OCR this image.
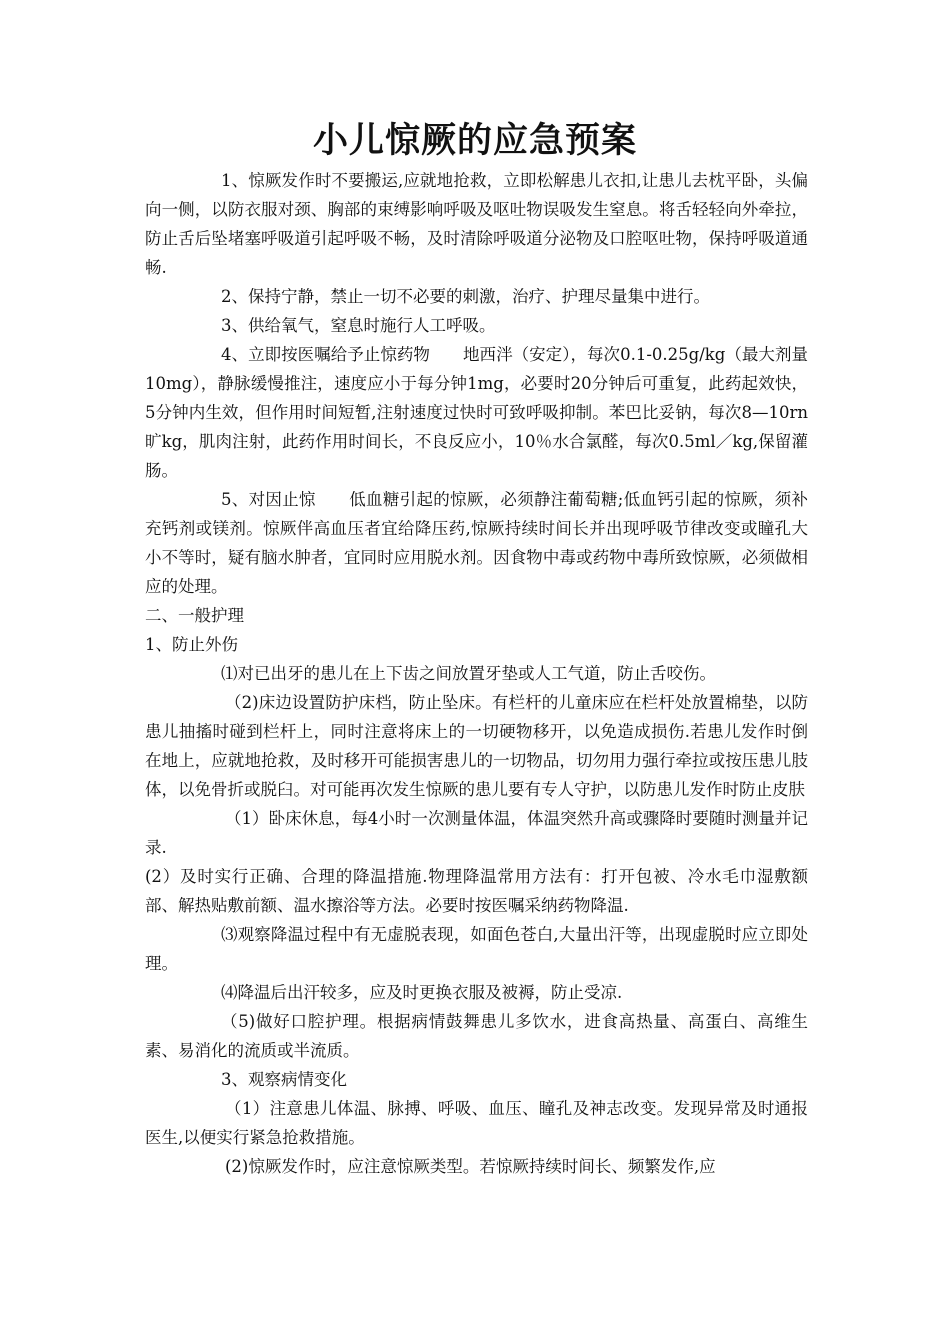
小儿惊厥的应急预案

1、惊厥发作时不要搬运,应就地抢救，立即松解患儿衣扣,让患儿去枕平卧，头偏向一侧，以防衣服对颈、胸部的束缚影响呼吸及呕吐物误吸发生窒息。将舌轻轻向外牵拉，防止舌后坠堵塞呼吸道引起呼吸不畅，及时清除呼吸道分泌物及口腔呕吐物，保持呼吸道通畅.

2、保持宁静，禁止一切不必要的刺激，治疗、护理尽量集中进行。

3、供给氧气，窒息时施行人工呼吸。

4、立即按医嘱给予止惊药物　　地西泮（安定），每次0.1-0.25g/kg（最大剂量10mg），静脉缓慢推注，速度应小于每分钟1mg，必要时20分钟后可重复，此药起效快，5分钟内生效，但作用时间短暂,注射速度过快时可致呼吸抑制。苯巴比妥钠，每次8—10rn旷kg，肌肉注射，此药作用时间长，不良反应小，10％水合氯醛，每次0.5ml／kg,保留灌肠。

5、对因止惊　　低血糖引起的惊厥，必须静注葡萄糖;低血钙引起的惊厥，须补充钙剂或镁剂。惊厥伴高血压者宜给降压药,惊厥持续时间长并出现呼吸节律改变或瞳孔大小不等时，疑有脑水肿者，宜同时应用脱水剂。因食物中毒或药物中毒所致惊厥，必须做相应的处理。

二、一般护理

1、防止外伤

⑴对已出牙的患儿在上下齿之间放置牙垫或人工气道，防止舌咬伤。

（2)床边设置防护床档，防止坠床。有栏杆的儿童床应在栏杆处放置棉垫，以防患儿抽搐时碰到栏杆上，同时注意将床上的一切硬物移开，以免造成损伤.若患儿发作时倒在地上，应就地抢救，及时移开可能损害患儿的一切物品，切勿用力强行牵拉或按压患儿肢体，以免骨折或脱臼。对可能再次发生惊厥的患儿要有专人守护，以防患儿发作时防止皮肤

（1）卧床休息，每4小时一次测量体温，体温突然升高或骤降时要随时测量并记录.

(2）及时实行正确、合理的降温措施.物理降温常用方法有：打开包被、冷水毛巾湿敷额部、解热贴敷前额、温水擦浴等方法。必要时按医嘱采纳药物降温.

⑶观察降温过程中有无虚脱表现，如面色苍白,大量出汗等，出现虚脱时应立即处理。

⑷降温后出汗较多，应及时更换衣服及被褥，防止受凉.

（5)做好口腔护理。根据病情鼓舞患儿多饮水，进食高热量、高蛋白、高维生素、易消化的流质或半流质。

3、观察病情变化

（1）注意患儿体温、脉搏、呼吸、血压、瞳孔及神志改变。发现异常及时通报医生,以便实行紧急抢救措施。

(2)惊厥发作时，应注意惊厥类型。若惊厥持续时间长、频繁发作,应
